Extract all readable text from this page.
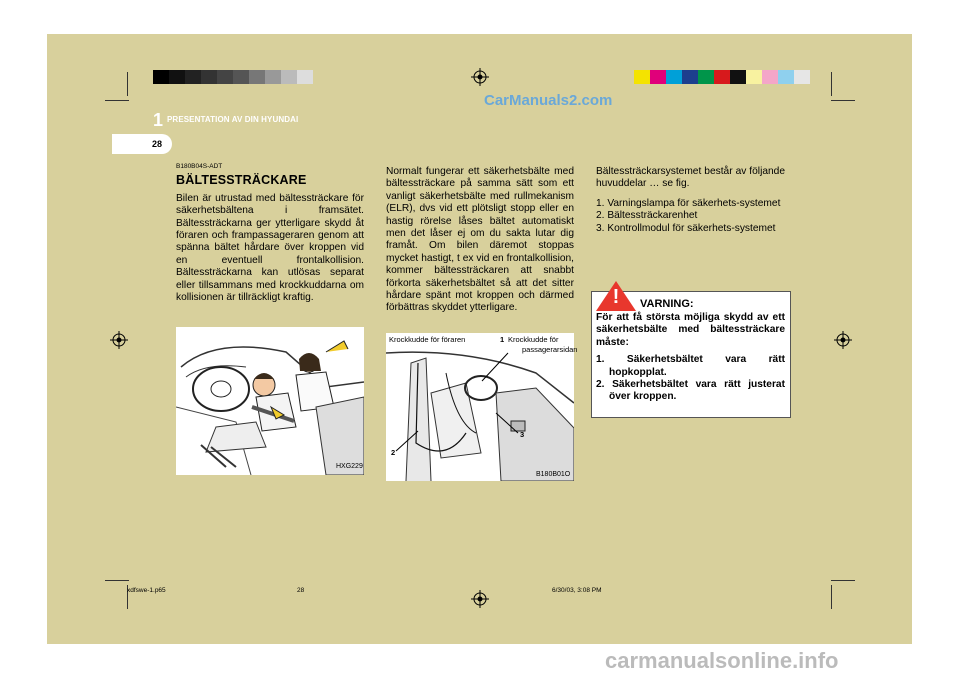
CarManuals2.com
1 PRESENTATION AV DIN HYUNDAI
28
B180B04S-ADT
BÄLTESSTRÄCKARE
Bilen är utrustad med bältessträckare för säkerhetsbältena i framsätet. Bältessträckarna ger ytterligare skydd åt föraren och frampassageraren genom att spänna bältet hårdare över kroppen vid en eventuell frontalkollision. Bältessträckarna kan utlösas separat eller tillsammans med krockkuddarna om kollisionen är tillräckligt kraftig.
HXG229
Normalt fungerar ett säkerhetsbälte med bältessträckare på samma sätt som ett vanligt säkerhetsbälte med rullmekanism (ELR), dvs vid ett plötsligt stopp eller en hastig rörelse låses bältet automatiskt men det låser ej om du sakta lutar dig framåt. Om bilen däremot stoppas mycket hastigt, t ex vid en frontalkollision, kommer bältessträckaren att snabbt förkorta säkerhetsbältet så att det sitter hårdare spänt mot kroppen och därmed förbättras skyddet ytterligare.
Krockkudde för föraren	Krockkudde för
passagerarsidan
1
2
3
B180B01O
Bältessträckarsystemet består av följande huvuddelar … se fig.
1. Varningslampa för säkerhets-systemet
2. Bältessträckarenhet
3. Kontrollmodul för säkerhets-systemet
! VARNING:
För att få största möjliga skydd av ett säkerhetsbälte med bältessträckare måste:
1. Säkerhetsbältet vara rätt hopkopplat.
2. Säkerhetsbältet vara rätt justerat över kroppen.
xdfswe-1.p65	28	6/30/03, 3:08 PM
carmanualsonline.info
